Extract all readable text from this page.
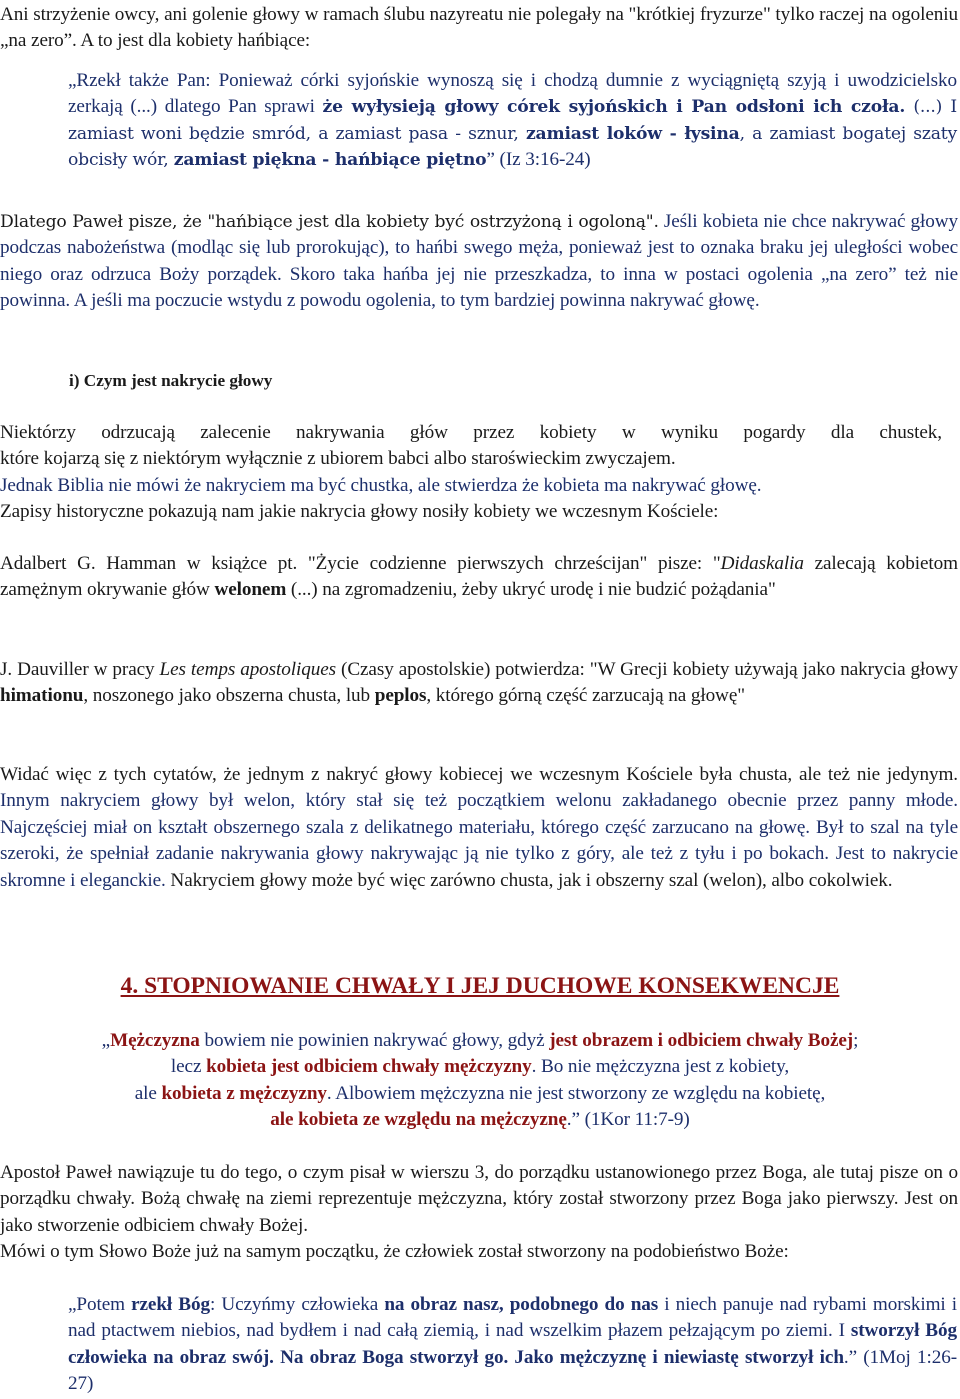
Ani strzyżenie owcy, ani golenie głowy w ramach ślubu nazyreatu nie polegały na "krótkiej fryzurze" tylko raczej na ogoleniu „na zero”. A to jest dla kobiety hańbiące:

„Rzekł także Pan: Ponieważ córki syjońskie wynoszą się i chodzą dumnie z wyciągniętą szyją i uwodzicielsko zerkają (...) dlatego Pan sprawi że wyłysieją głowy córek syjońskich i Pan odsłoni ich czoła. (...) I zamiast woni będzie smród, a zamiast pasa - sznur, zamiast loków - łysina, a zamiast bogatej szaty obcisły wór, zamiast piękna - hańbiące piętno” (Iz 3:16-24)

Dlatego Paweł pisze, że "hańbiące jest dla kobiety być ostrzyżoną i ogoloną". Jeśli kobieta nie chce nakrywać głowy podczas nabożeństwa (modląc się lub prorokując), to hańbi swego męża, ponieważ jest to oznaka braku jej uległości wobec niego oraz odrzuca Boży porządek. Skoro taka hańba jej nie przeszkadza, to inna w postaci ogolenia „na zero” też nie powinna. A jeśli ma poczucie wstydu z powodu ogolenia, to tym bardziej powinna nakrywać głowę.

i) Czym jest nakrycie głowy

Niektórzy odrzucają zalecenie nakrywania głów przez kobiety w wyniku pogardy dla chustek,

które kojarzą się z niektórym wyłącznie z ubiorem babci albo staroświeckim zwyczajem.

Jednak Biblia nie mówi że nakryciem ma być chustka, ale stwierdza że kobieta ma nakrywać głowę.

Zapisy historyczne pokazują nam jakie nakrycia głowy nosiły kobiety we wczesnym Kościele:

Adalbert G. Hamman w książce pt. "Życie codzienne pierwszych chrześcijan" pisze: "Didaskalia zalecają kobietom zamężnym okrywanie głów welonem (...) na zgromadzeniu, żeby ukryć urodę i nie budzić pożądania"

J. Dauviller w pracy Les temps apostoliques (Czasy apostolskie) potwierdza: "W Grecji kobiety używają jako nakrycia głowy himationu, noszonego jako obszerna chusta, lub peplos, którego górną część zarzucają na głowę"

Widać więc z tych cytatów, że jednym z nakryć głowy kobiecej we wczesnym Kościele była chusta, ale też nie jedynym. Innym nakryciem głowy był welon, który stał się też początkiem welonu zakładanego obecnie przez panny młode. Najczęściej miał on kształt obszernego szala z delikatnego materiału, którego część zarzucano na głowę. Był to szal na tyle szeroki, że spełniał zadanie nakrywania głowy nakrywając ją nie tylko z góry, ale też z tyłu i po bokach. Jest to nakrycie skromne i eleganckie. Nakryciem głowy może być więc zarówno chusta, jak i obszerny szal (welon), albo cokolwiek.

4. STOPNIOWANIE CHWAŁY I JEJ DUCHOWE KONSEKWENCJE

„Mężczyzna bowiem nie powinien nakrywać głowy, gdyż jest obrazem i odbiciem chwały Bożej;

lecz kobieta jest odbiciem chwały mężczyzny. Bo nie mężczyzna jest z kobiety,

ale kobieta z mężczyzny. Albowiem mężczyzna nie jest stworzony ze względu na kobietę,

ale kobieta ze względu na mężczyznę.” (1Kor 11:7-9)

Apostoł Paweł nawiązuje tu do tego, o czym pisał w wierszu 3, do porządku ustanowionego przez Boga, ale tutaj pisze on o porządku chwały. Bożą chwałę na ziemi reprezentuje mężczyzna, który został stworzony przez Boga jako pierwszy. Jest on jako stworzenie odbiciem chwały Bożej.

Mówi o tym Słowo Boże już na samym początku, że człowiek został stworzony na podobieństwo Boże:

„Potem rzekł Bóg: Uczyńmy człowieka na obraz nasz, podobnego do nas i niech panuje nad rybami morskimi i nad ptactwem niebios, nad bydłem i nad całą ziemią, i nad wszelkim płazem pełzającym po ziemi. I stworzył Bóg człowieka na obraz swój. Na obraz Boga stworzył go. Jako mężczyznę i niewiastę stworzył ich.” (1Moj 1:26-27)
